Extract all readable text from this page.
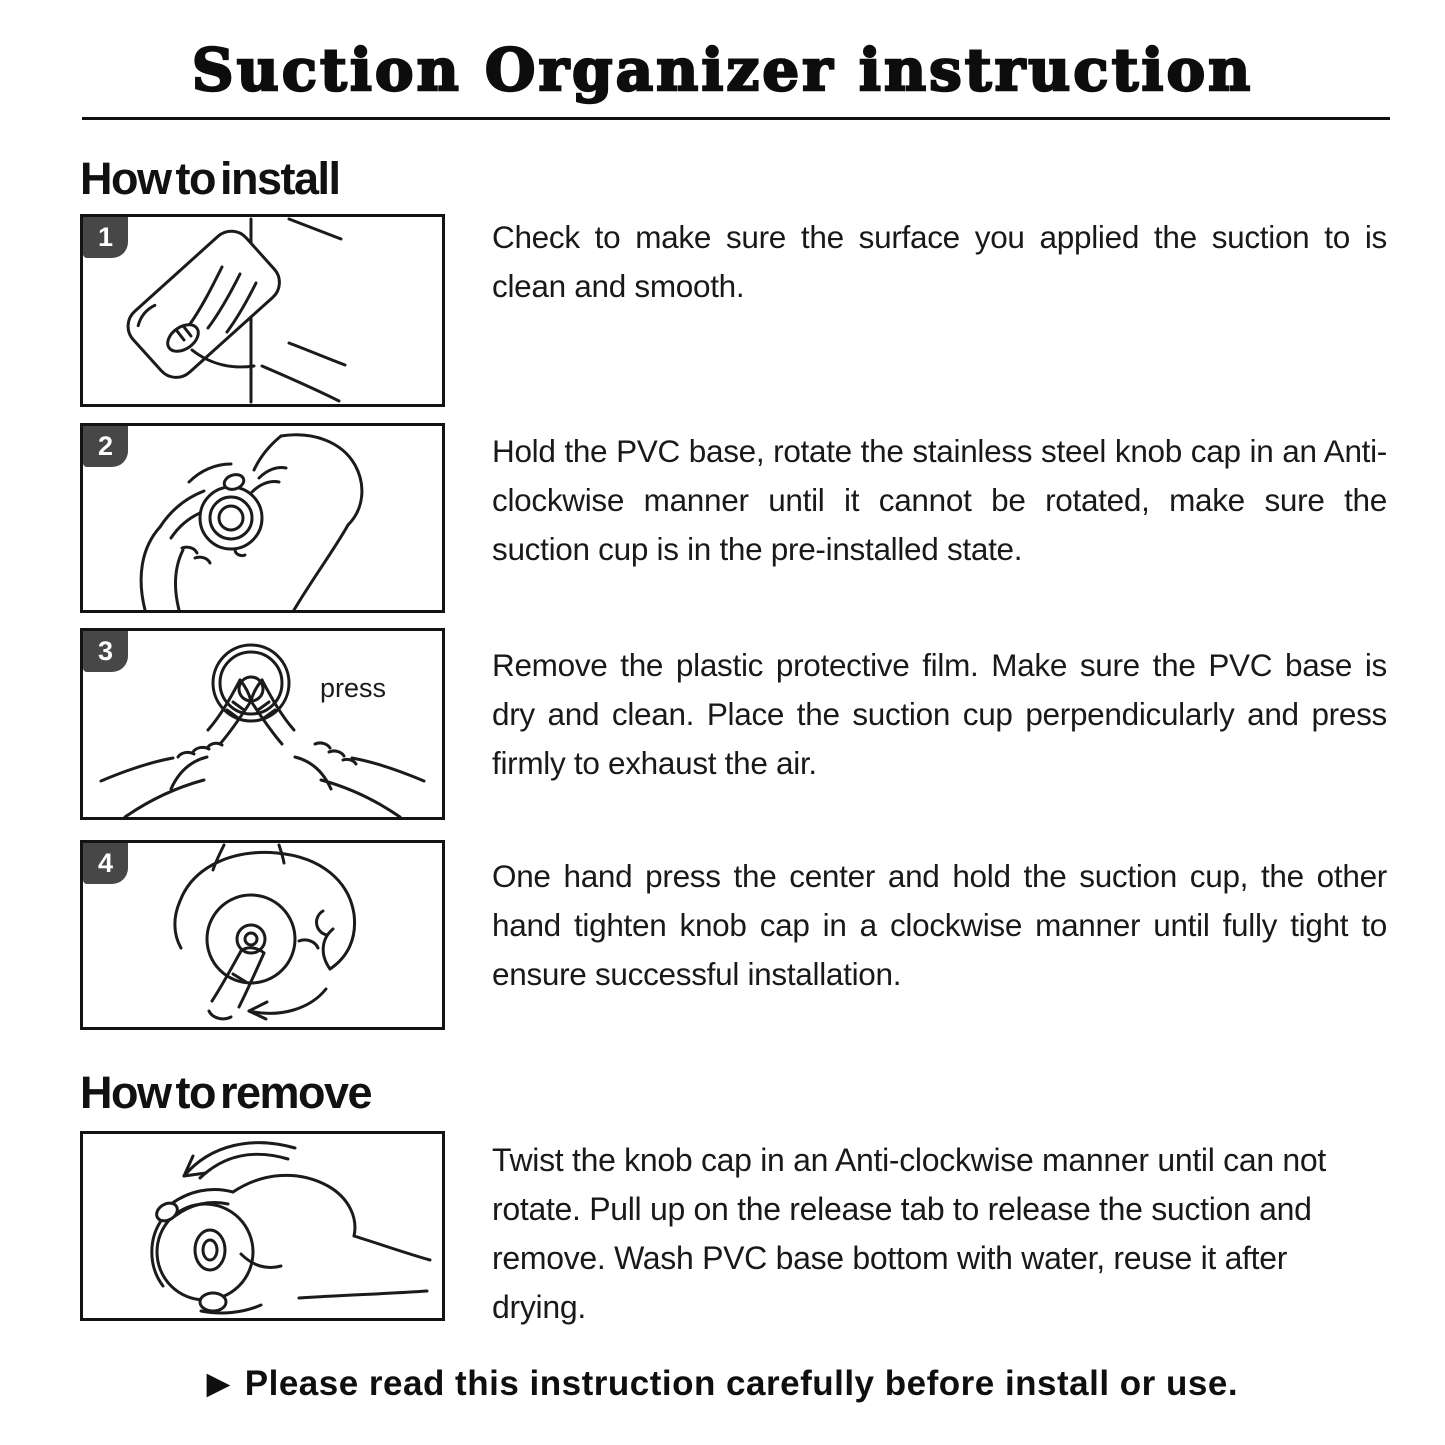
Suction Organizer instruction
How to install
1	Check to make sure the surface you applied the suction to is clean and smooth.
2	Hold the PVC base, rotate the stainless steel knob cap in an Anti-clockwise manner until it cannot be rotated, make sure the suction cup is in the pre-installed state.
press
3	Remove the plastic protective film. Make sure the PVC base is dry and clean. Place the suction cup perpendicularly and press firmly to exhaust the air.
4	One hand press the center and hold the suction cup, the other hand tighten knob cap in a clockwise manner until fully tight to ensure successful installation.
How to remove
Twist the knob cap in an Anti-clockwise manner until can not rotate. Pull up on the release tab to release the suction and remove. Wash PVC base bottom with water, reuse it after drying.
▶ Please read this instruction carefully before install or use.
